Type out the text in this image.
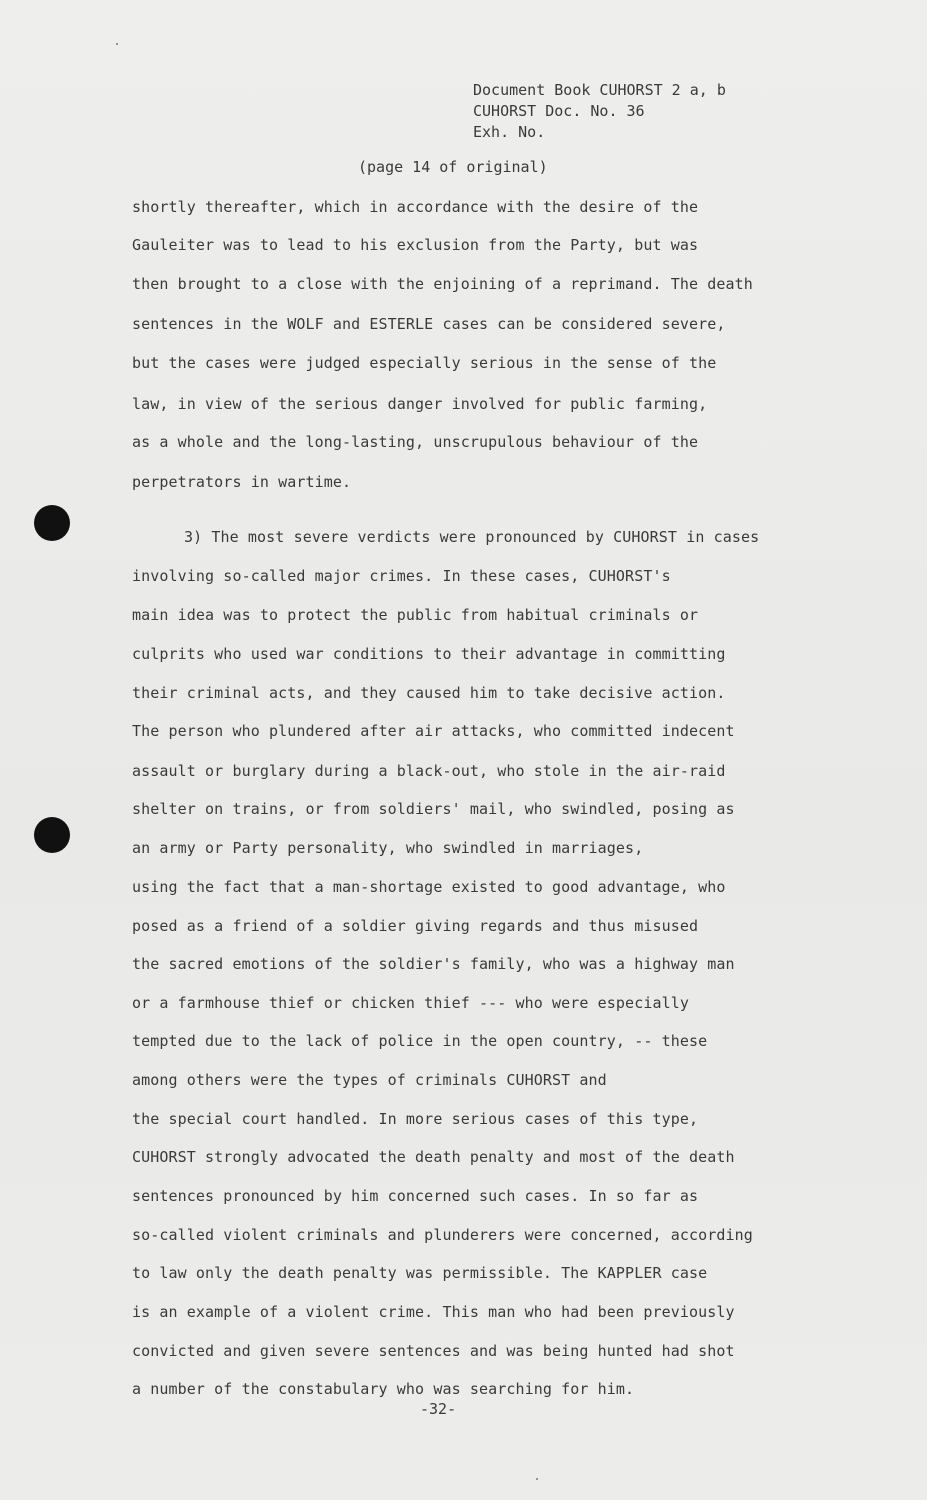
Document Book CUHORST 2 a, b
CUHORST Doc. No. 36
Exh. No.
(page 14 of original)
shortly thereafter, which in accordance with the desire of the
Gauleiter was to lead to his exclusion from the Party, but was
then brought to a close with the enjoining of a reprimand. The death
sentences in the WOLF and ESTERLE cases can be considered severe,
but the cases were judged especially serious in the sense of the
law, in view of the serious danger involved for public farming,
as a whole and the long-lasting, unscrupulous behaviour of the
perpetrators in wartime.
3) The most severe verdicts were pronounced by CUHORST in cases
involving so-called major crimes. In these cases, CUHORST's
main idea was to protect the public from habitual criminals or
culprits who used war conditions to their advantage in committing
their criminal acts, and they caused him to take decisive action.
The person who plundered after air attacks, who committed indecent
assault or burglary during a black-out, who stole in the air-raid
shelter on trains, or from soldiers' mail, who swindled, posing as
an army or Party personality, who swindled in marriages,
using the fact that a man-shortage existed to good advantage, who
posed as a friend of a soldier giving regards and thus misused
the sacred emotions of the soldier's family, who was a highway man
or a farmhouse thief or chicken thief --- who were especially
tempted due to the lack of police in the open country, -- these
among others were the types of criminals CUHORST and
the special court handled. In more serious cases of this type,
CUHORST strongly advocated the death penalty and most of the death
sentences pronounced by him concerned such cases. In so far as
so-called violent criminals and plunderers were concerned, according
to law only the death penalty was permissible. The KAPPLER case
is an example of a violent crime. This man who had been previously
convicted and given severe sentences and was being hunted had shot
a number of the constabulary who was searching for him.
-32-
